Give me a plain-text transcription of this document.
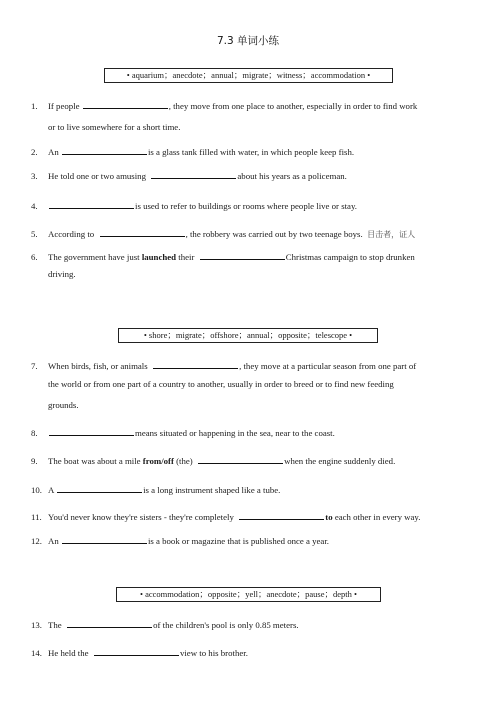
7.3 单词小练
• aquarium；anecdote；annual；migrate；witness；accommodation •
1. If people	, they move from one place to another, especially in order to find work
or to live somewhere for a short time.
2. An	is a glass tank filled with water, in which people keep fish.
3. He told one or two amusing	about his years as a policeman.
4.	is used to refer to buildings or rooms where people live or stay.
5. According to	, the robbery was carried out by two teenage boys. 目击者，证人
6. The government have just launched their	Christmas campaign to stop drunken
driving.
• shore；migrate；offshore；annual；opposite；telescope •
7. When birds, fish, or animals	, they move at a particular season from one part of
the world or from one part of a country to another, usually in order to breed or to find new feeding
grounds.
8.	means situated or happening in the sea, near to the coast.
9. The boat was about a mile from/off (the)	when the engine suddenly died.
10. A	is a long instrument shaped like a tube.
11. You'd never know they're sisters - they're completely	to each other in every way.
12. An	is a book or magazine that is published once a year.
• accommodation；opposite；yell；anecdote；pause；depth •
13. The	of the children's pool is only 0.85 meters.
14. He held the	view to his brother.
